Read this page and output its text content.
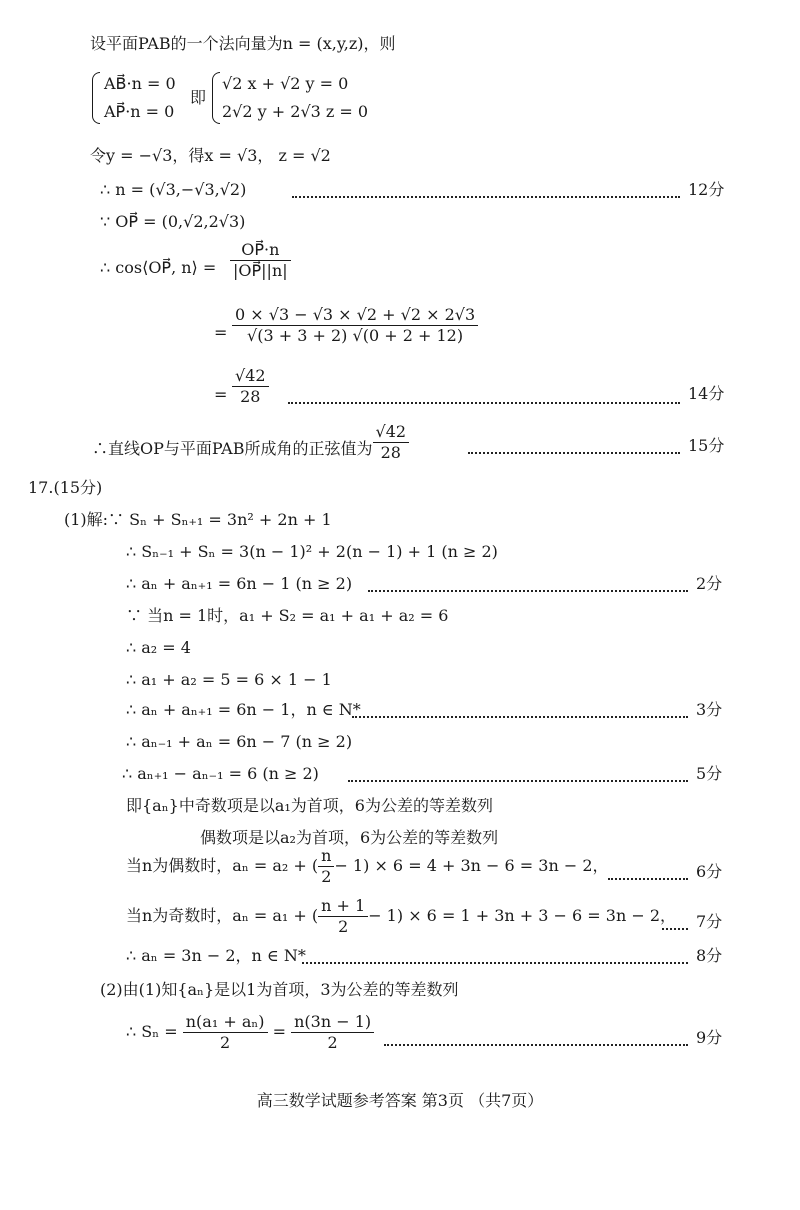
设平面PAB的一个法向量为n = (x,y,z)，则
AB⃗·n = 0
AP⃗·n = 0
即
√2 x + √2 y = 0
2√2 y + 2√3 z = 0
令y = −√3，得x = √3， z = √2
∴ n = (√3,−√3,√2)	12分
∵ OP⃗ = (0,√2,2√3)
∴ cos⟨OP⃗, n⟩ = $\frac{OP⃗\cdot n}{|OP⃗||n|}$
= $\frac{0 \times √3 - √3 \times √2 + √2 \times 2√3}{√(3 + 3 + 2) √(0 + 2 + 12)}$
= $\frac{√42}{28}$	14分
∴直线OP与平面PAB所成角的正弦值为 $\frac{√42}{28}$	15分
17.(15分)
(1)解:∵ Sₙ + Sₙ₊₁ = 3n² + 2n + 1
∴ Sₙ₋₁ + Sₙ = 3(n − 1)² + 2(n − 1) + 1 (n ≥ 2)
∴ aₙ + aₙ₊₁ = 6n − 1 (n ≥ 2)	2分
∵ 当n = 1时，a₁ + S₂ = a₁ + a₁ + a₂ = 6
∴ a₂ = 4
∴ a₁ + a₂ = 5 = 6 × 1 − 1
∴ aₙ + aₙ₊₁ = 6n − 1，n ∈ N*	3分
∴ aₙ₋₁ + aₙ = 6n − 7 (n ≥ 2)
∴ aₙ₊₁ − aₙ₋₁ = 6 (n ≥ 2)	5分
即{aₙ}中奇数项是以a₁为首项，6为公差的等差数列
偶数项是以a₂为首项，6为公差的等差数列
当n为偶数时，aₙ = a₂ + ( $\frac{n}{2} - 1) \times 6 = 4 + 3n - 6 = 3n - 2$，	6分
当n为奇数时，aₙ = a₁ + ( $\frac{n + 1}{2} - 1) \times 6 = 1 + 3n + 3 - 6 = 3n - 2$， 7分
∴ aₙ = 3n − 2，n ∈ N*	8分
(2)由(1)知{aₙ}是以1为首项，3为公差的等差数列
∴ $S_n = \frac{\text{n(a₁ + aₙ)}}{2} = \frac{n(3n - 1)}{2}$	9分
高三数学试题参考答案 第3页 （共7页）
